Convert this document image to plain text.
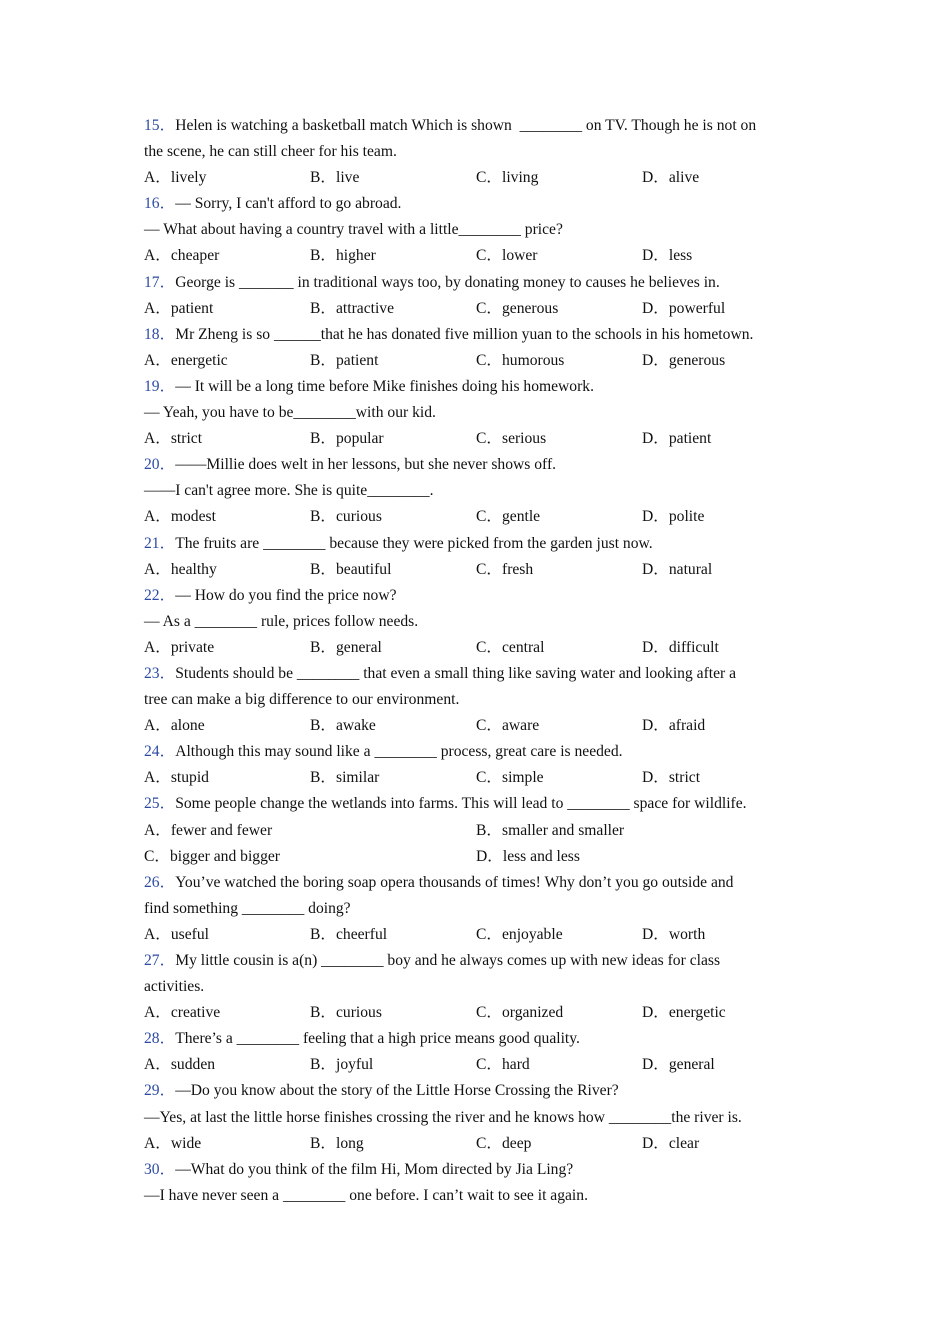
15．Helen is watching a basketball match Which is shown  ________ on TV. Though he is not on
the scene, he can still cheer for his team.
A．lively	B．live	C．living	D．alive
16．— Sorry, I can't afford to go abroad.
— What about having a country travel with a little________ price?
A．cheaper	B．higher	C．lower	D．less
17．George is _______ in traditional ways too, by donating money to causes he believes in.
A．patient	B．attractive	C．generous	D．powerful
18．Mr Zheng is so ______that he has donated five million yuan to the schools in his hometown.
A．energetic	B．patient	C．humorous	D．generous
19．— It will be a long time before Mike finishes doing his homework.
— Yeah, you have to be________with our kid.
A．strict	B．popular	C．serious	D．patient
20．——Millie does welt in her lessons, but she never shows off.
——I can't agree more. She is quite________.
A．modest	B．curious	C．gentle	D．polite
21．The fruits are ________ because they were picked from the garden just now.
A．healthy	B．beautiful	C．fresh	D．natural
22．— How do you find the price now?
— As a ________ rule, prices follow needs.
A．private	B．general	C．central	D．difficult
23．Students should be ________ that even a small thing like saving water and looking after a
tree can make a big difference to our environment.
A．alone	B．awake	C．aware	D．afraid
24．Although this may sound like a ________ process, great care is needed.
A．stupid	B．similar	C．simple	D．strict
25．Some people change the wetlands into farms. This will lead to ________ space for wildlife.
A．fewer and fewer	B．smaller and smaller
C．bigger and bigger	D．less and less
26．You’ve watched the boring soap opera thousands of times! Why don’t you go outside and
find something ________ doing?
A．useful	B．cheerful	C．enjoyable	D．worth
27．My little cousin is a(n) ________ boy and he always comes up with new ideas for class
activities.
A．creative	B．curious	C．organized	D．energetic
28．There’s a ________ feeling that a high price means good quality.
A．sudden	B．joyful	C．hard	D．general
29．—Do you know about the story of the Little Horse Crossing the River?
—Yes, at last the little horse finishes crossing the river and he knows how ________the river is.
A．wide	B．long	C．deep	D．clear
30．—What do you think of the film Hi, Mom directed by Jia Ling?
—I have never seen a ________ one before. I can’t wait to see it again.
